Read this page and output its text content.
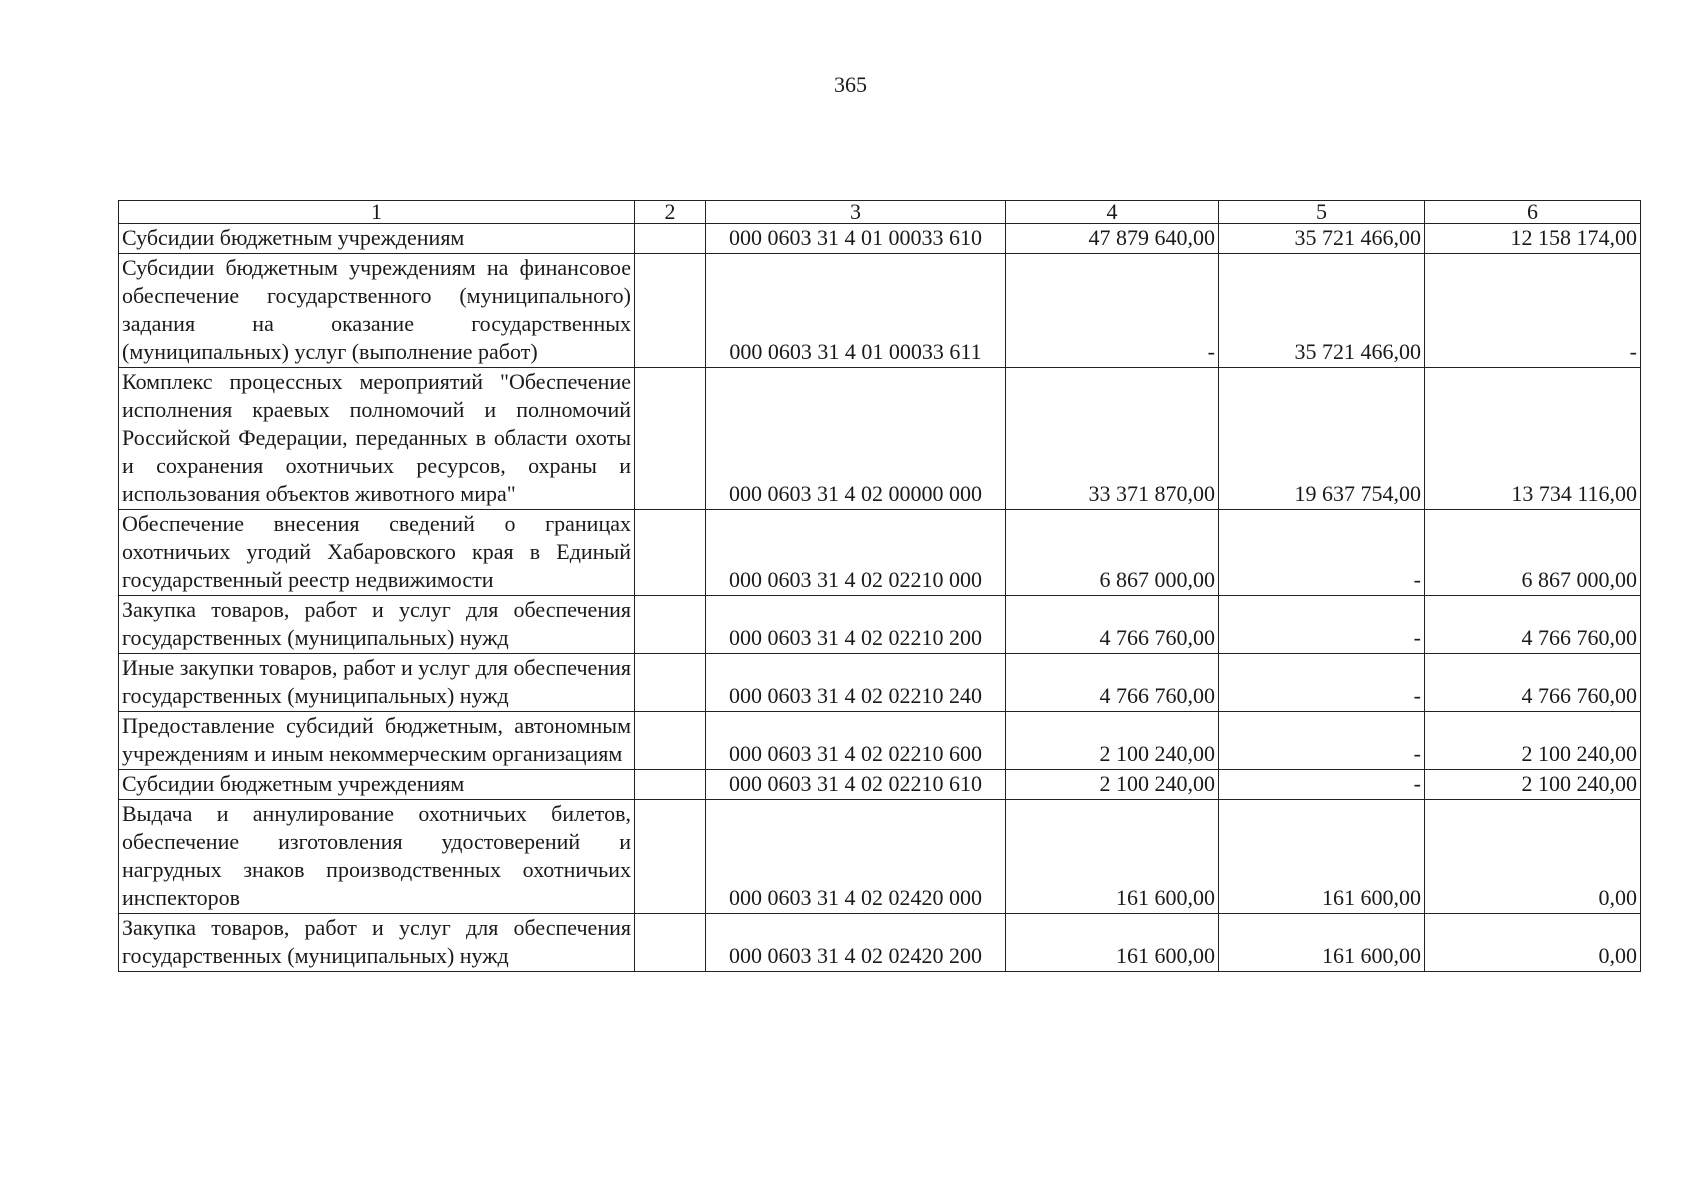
365
1	2	3	4	5	6
Субсидии бюджетным учреждениям		000 0603 31 4 01 00033 610	47 879 640,00	35 721 466,00	12 158 174,00
Субсидии бюджетным учреждениям на финансовое обеспечение государственного (муниципального) задания на оказание государственных (муниципальных) услуг (выполнение работ)		000 0603 31 4 01 00033 611	-	35 721 466,00	-
Комплекс процессных мероприятий "Обеспечение исполнения краевых полномочий и полномочий Российской Федерации, переданных в области охоты и сохранения охотничьих ресурсов, охраны и использования объектов животного мира"		000 0603 31 4 02 00000 000	33 371 870,00	19 637 754,00	13 734 116,00
Обеспечение внесения сведений о границах охотничьих угодий Хабаровского края в Единый государственный реестр недвижимости		000 0603 31 4 02 02210 000	6 867 000,00	-	6 867 000,00
Закупка товаров, работ и услуг для обеспечения государственных (муниципальных) нужд		000 0603 31 4 02 02210 200	4 766 760,00	-	4 766 760,00
Иные закупки товаров, работ и услуг для обеспечения государственных (муниципальных) нужд		000 0603 31 4 02 02210 240	4 766 760,00	-	4 766 760,00
Предоставление субсидий бюджетным, автономным учреждениям и иным некоммерческим организациям		000 0603 31 4 02 02210 600	2 100 240,00	-	2 100 240,00
Субсидии бюджетным учреждениям		000 0603 31 4 02 02210 610	2 100 240,00	-	2 100 240,00
Выдача и аннулирование охотничьих билетов, обеспечение изготовления удостоверений и нагрудных знаков производственных охотничьих инспекторов		000 0603 31 4 02 02420 000	161 600,00	161 600,00	0,00
Закупка товаров, работ и услуг для обеспечения государственных (муниципальных) нужд		000 0603 31 4 02 02420 200	161 600,00	161 600,00	0,00
